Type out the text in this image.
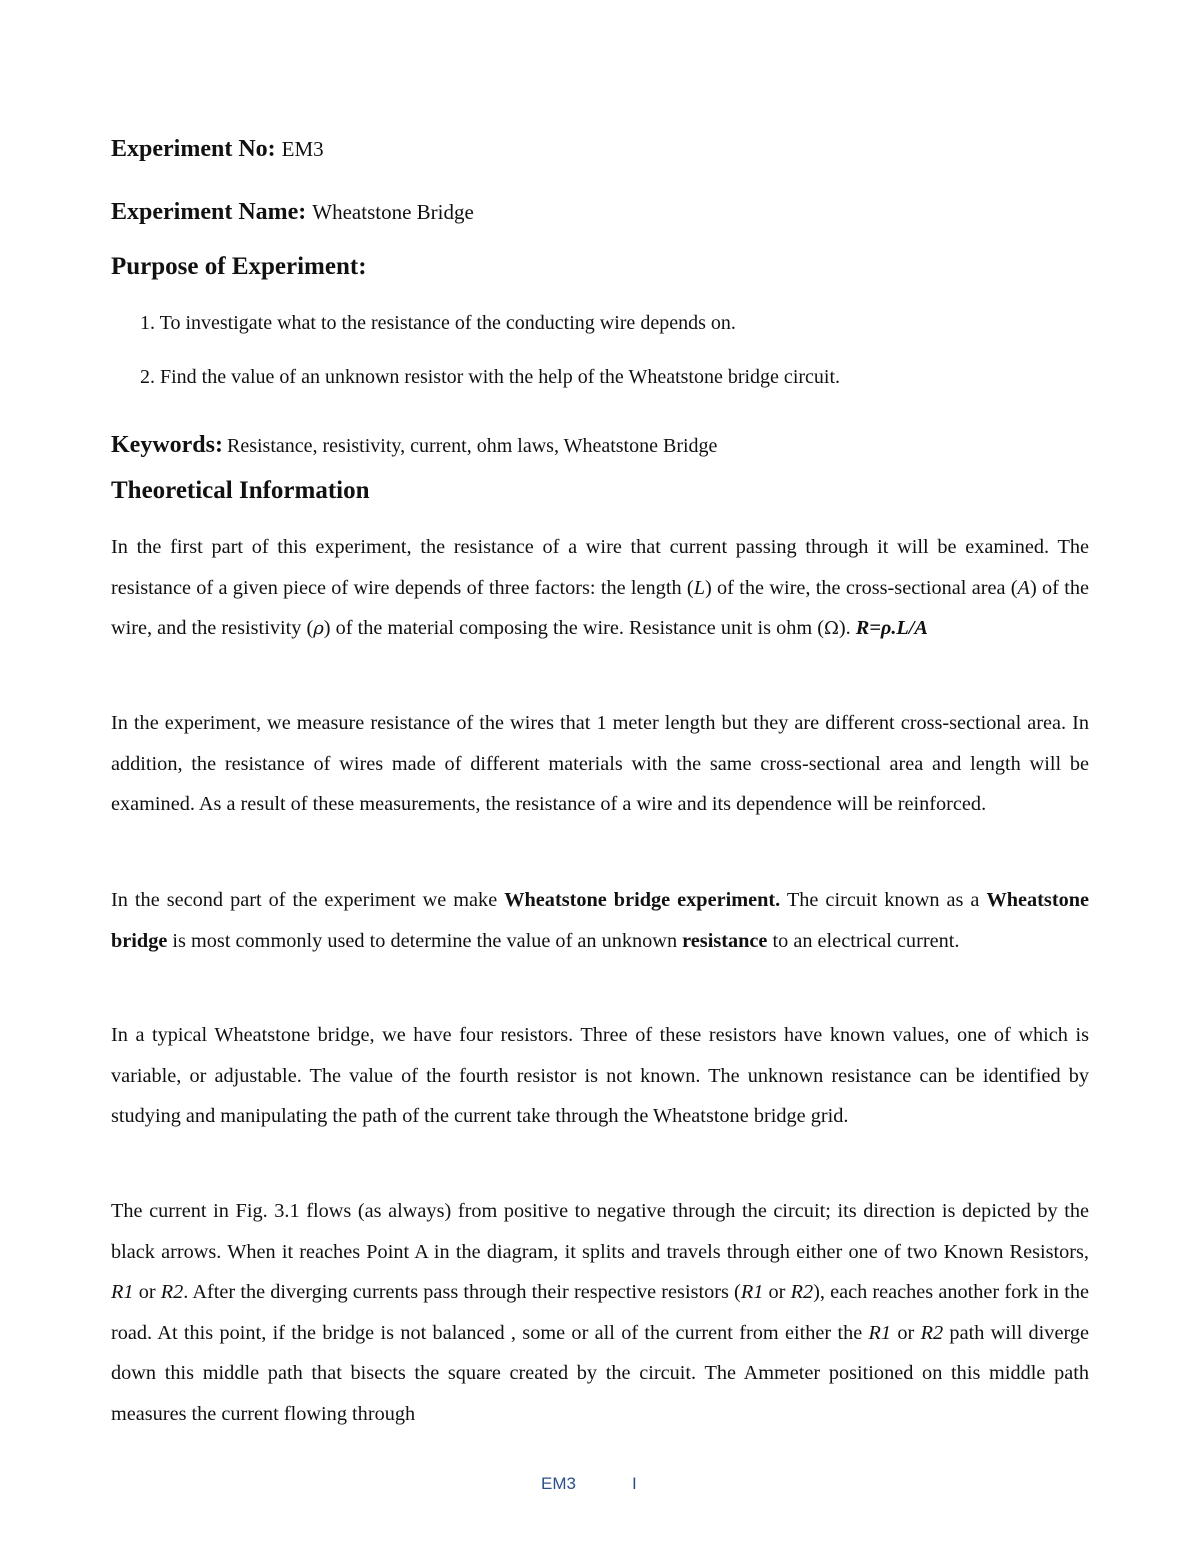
Experiment No: EM3
Experiment Name: Wheatstone Bridge
Purpose of Experiment:
1. To investigate what to the resistance of the conducting wire depends on.
2. Find the value of an unknown resistor with the help of the Wheatstone bridge circuit.
Keywords: Resistance, resistivity, current, ohm laws, Wheatstone Bridge
Theoretical Information

In the first part of this experiment, the resistance of a wire that current passing through it will be examined. The resistance of a given piece of wire depends of three factors: the length (L) of the wire, the cross-sectional area (A) of the wire, and the resistivity (ρ) of the material composing the wire. Resistance unit is ohm (Ω). R=ρ.L/A

In the experiment, we measure resistance of the wires that 1 meter length but they are different cross-sectional area. In addition, the resistance of wires made of different materials with the same cross-sectional area and length will be examined. As a result of these measurements, the resistance of a wire and its dependence will be reinforced.

In the second part of the experiment we make Wheatstone bridge experiment. The circuit known as a Wheatstone bridge is most commonly used to determine the value of an unknown resistance to an electrical current.

In a typical Wheatstone bridge, we have four resistors. Three of these resistors have known values, one of which is variable, or adjustable. The value of the fourth resistor is not known. The unknown resistance can be identified by studying and manipulating the path of the current take through the Wheatstone bridge grid.

The current in Fig. 3.1 flows (as always) from positive to negative through the circuit; its direction is depicted by the black arrows. When it reaches Point A in the diagram, it splits and travels through either one of two Known Resistors, R1 or R2. After the diverging currents pass through their respective resistors (R1 or R2), each reaches another fork in the road. At this point, if the bridge is not balanced , some or all of the current from either the R1 or R2 path will diverge down this middle path that bisects the square created by the circuit. The Ammeter positioned on this middle path measures the current flowing through

EM3	I
